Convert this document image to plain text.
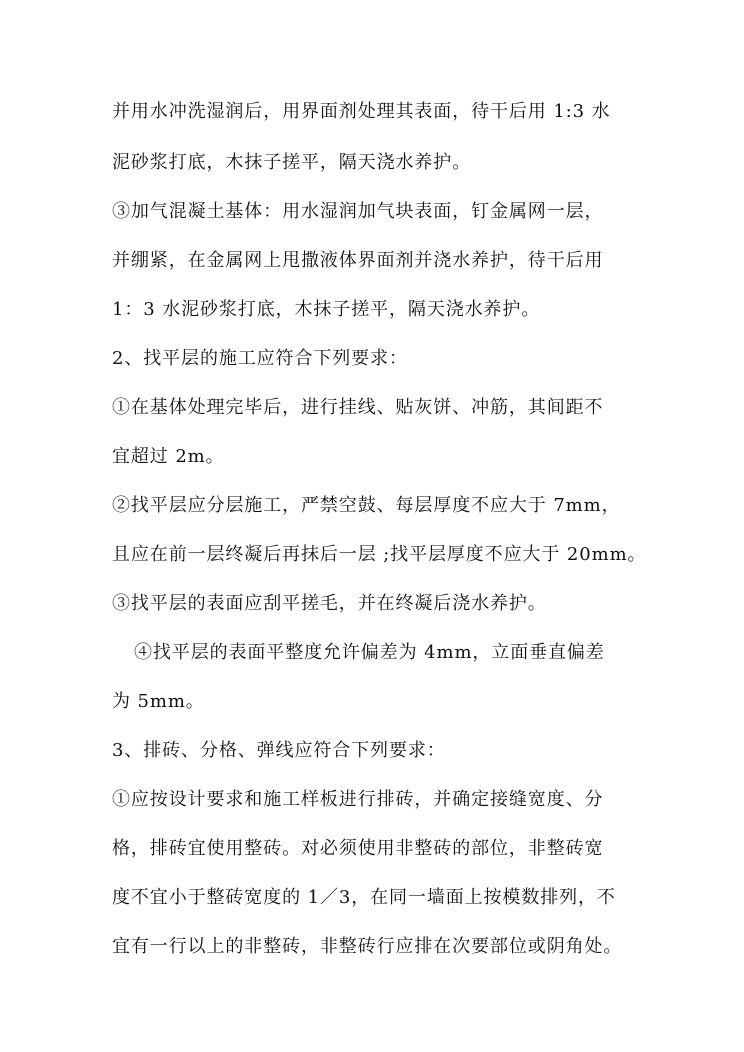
并用水冲洗湿润后，用界面剂处理其表面，待干后用 1:3 水
泥砂浆打底，木抹子搓平，隔天浇水养护。
③加气混凝土基体：用水湿润加气块表面，钉金属网一层，
并绷紧，在金属网上甩撒液体界面剂并浇水养护，待干后用
1：3 水泥砂浆打底，木抹子搓平，隔天浇水养护。
2、找平层的施工应符合下列要求：
①在基体处理完毕后，进行挂线、贴灰饼、冲筋，其间距不
宜超过 2m。
②找平层应分层施工，严禁空鼓、每层厚度不应大于 7mm，
且应在前一层终凝后再抹后一层 ;找平层厚度不应大于 20mm。
③找平层的表面应刮平搓毛，并在终凝后浇水养护。
④找平层的表面平整度允许偏差为 4mm，立面垂直偏差
为 5mm。
3、排砖、分格、弹线应符合下列要求：
①应按设计要求和施工样板进行排砖，并确定接缝宽度、分
格，排砖宜使用整砖。对必须使用非整砖的部位，非整砖宽
度不宜小于整砖宽度的 1／3，在同一墙面上按模数排列，不
宜有一行以上的非整砖，非整砖行应排在次要部位或阴角处。
